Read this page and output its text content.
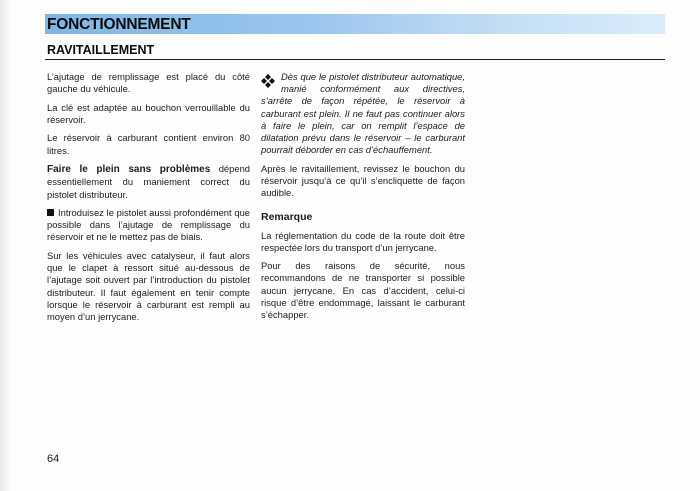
FONCTIONNEMENT
RAVITAILLEMENT

L’ajutage de remplissage est placé du côté gauche du véhicule.

La clé est adaptée au bouchon verrouillable du réservoir.

Le réservoir à carburant contient environ 80 litres.

Faire le plein sans problèmes dépend essentiellement du maniement correct du pistolet distributeur.

Introduisez le pistolet aussi profondément que possible dans l’ajutage de remplissage du réservoir et ne le mettez pas de biais.

Sur les véhicules avec catalyseur, il faut alors que le clapet à ressort situé au-dessous de l’ajutage soit ouvert par l’introduction du pistolet distributeur. Il faut également en tenir compte lorsque le réservoir à carburant est rempli au moyen d’un jerrycane.

Dès que le pistolet distributeur automatique, manié conformément aux directives, s’arrête de façon répétée, le réservoir à carburant est plein. Il ne faut pas continuer alors à faire le plein, car on remplit l’espace de dilatation prévu dans le réservoir – le carburant pourrait déborder en cas d’échauffement.

Après le ravitaillement, revissez le bouchon du réservoir jusqu’à ce qu’il s’encliquette de façon audible.

Remarque

La réglementation du code de la route doit être respectée lors du transport d’un jerrycane.

Pour des raisons de sécurité, nous recommandons de ne transporter si possible aucun jerrycane. En cas d’accident, celui-ci risque d’être endommagé, laissant le carburant s’échapper.

64
